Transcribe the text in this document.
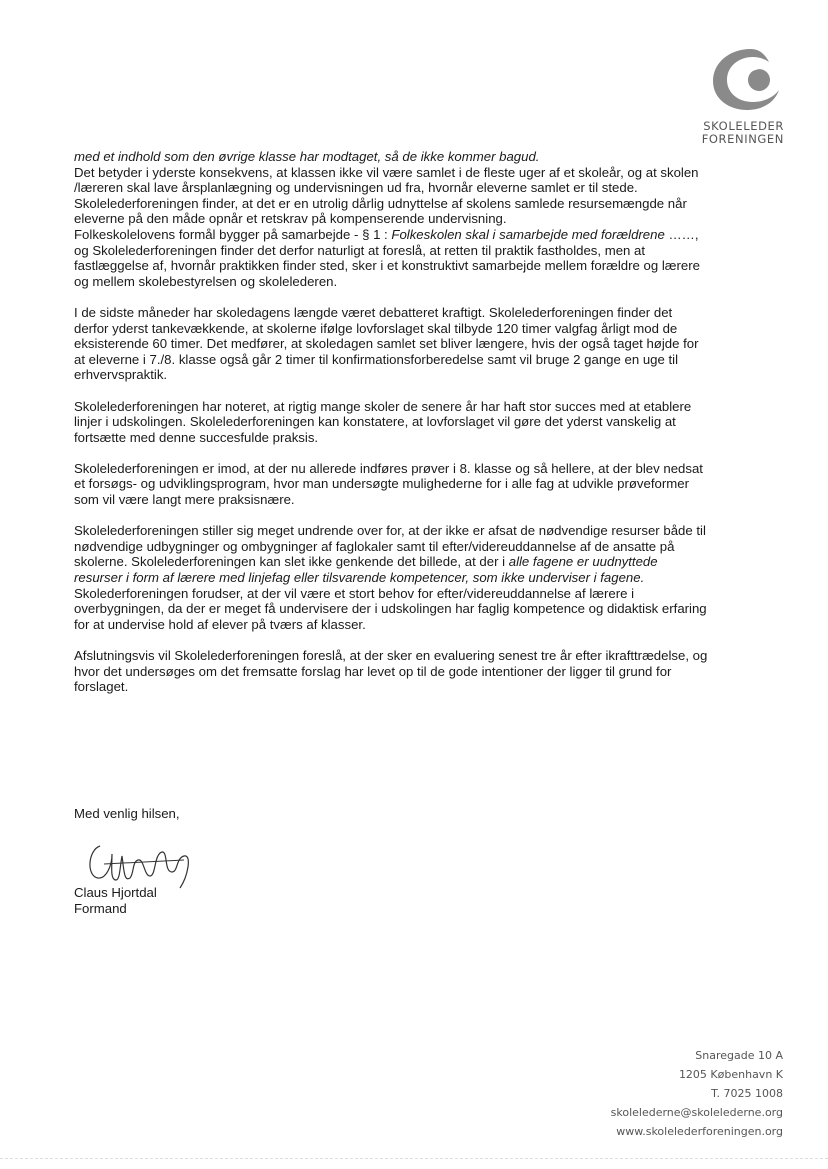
SKOLELEDER
FORENINGEN

med et indhold som den øvrige klasse har modtaget, så de ikke kommer bagud.

Det betyder i yderste konsekvens, at klassen ikke vil være samlet i de fleste uger af et skoleår, og at skolen

/læreren skal lave årsplanlægning og undervisningen ud fra, hvornår eleverne samlet er til stede.

Skolelederforeningen finder, at det er en utrolig dårlig udnyttelse af skolens samlede resursemængde når

eleverne på den måde opnår et retskrav på kompenserende undervisning.

Folkeskolelovens formål bygger på samarbejde - § 1 : Folkeskolen skal i samarbejde med forældrene ……,

og Skolelederforeningen finder det derfor naturligt at foreslå, at retten til praktik fastholdes, men at

fastlæggelse af, hvornår praktikken finder sted, sker i et konstruktivt samarbejde mellem forældre og lærere

og mellem skolebestyrelsen og skolelederen.

I de sidste måneder har skoledagens længde været debatteret kraftigt. Skolelederforeningen finder det

derfor yderst tankevækkende, at skolerne ifølge lovforslaget skal tilbyde 120 timer valgfag årligt mod de

eksisterende 60 timer. Det medfører, at skoledagen samlet set bliver længere, hvis der også taget højde for

at eleverne i 7./8. klasse også går 2 timer til konfirmationsforberedelse samt vil bruge 2 gange en uge til

erhvervspraktik.

Skolelederforeningen har noteret, at rigtig mange skoler de senere år har haft stor succes med at etablere

linjer i udskolingen. Skolelederforeningen kan konstatere, at lovforslaget vil gøre det yderst vanskelig at

fortsætte med denne succesfulde praksis.

Skolelederforeningen er imod, at der nu allerede indføres prøver i 8. klasse og så hellere, at der blev nedsat

et forsøgs- og udviklingsprogram, hvor man undersøgte mulighederne for i alle fag at udvikle prøveformer

som vil være langt mere praksisnære.

Skolelederforeningen stiller sig meget undrende over for, at der ikke er afsat de nødvendige resurser både til

nødvendige udbygninger og ombygninger af faglokaler samt til efter/videreuddannelse af de ansatte på

skolerne. Skolelederforeningen kan slet ikke genkende det billede, at der i alle fagene er uudnyttede

resurser i form af lærere med linjefag eller tilsvarende kompetencer, som ikke underviser i fagene.

Skolederforeningen forudser, at der vil være et stort behov for efter/videreuddannelse af lærere i

overbygningen, da der er meget få undervisere der i udskolingen har faglig kompetence og didaktisk erfaring

for at undervise hold af elever på tværs af klasser.

Afslutningsvis vil Skolelederforeningen foreslå, at der sker en evaluering senest tre år efter ikrafttrædelse, og

hvor det undersøges om det fremsatte forslag har levet op til de gode intentioner der ligger til grund for

forslaget.

Med venlig hilsen,
Claus Hjortdal
Formand
Snaregade 10 A
1205 København K
T. 7025 1008
skolelederne@skolelederne.org
www.skolelederforeningen.org
